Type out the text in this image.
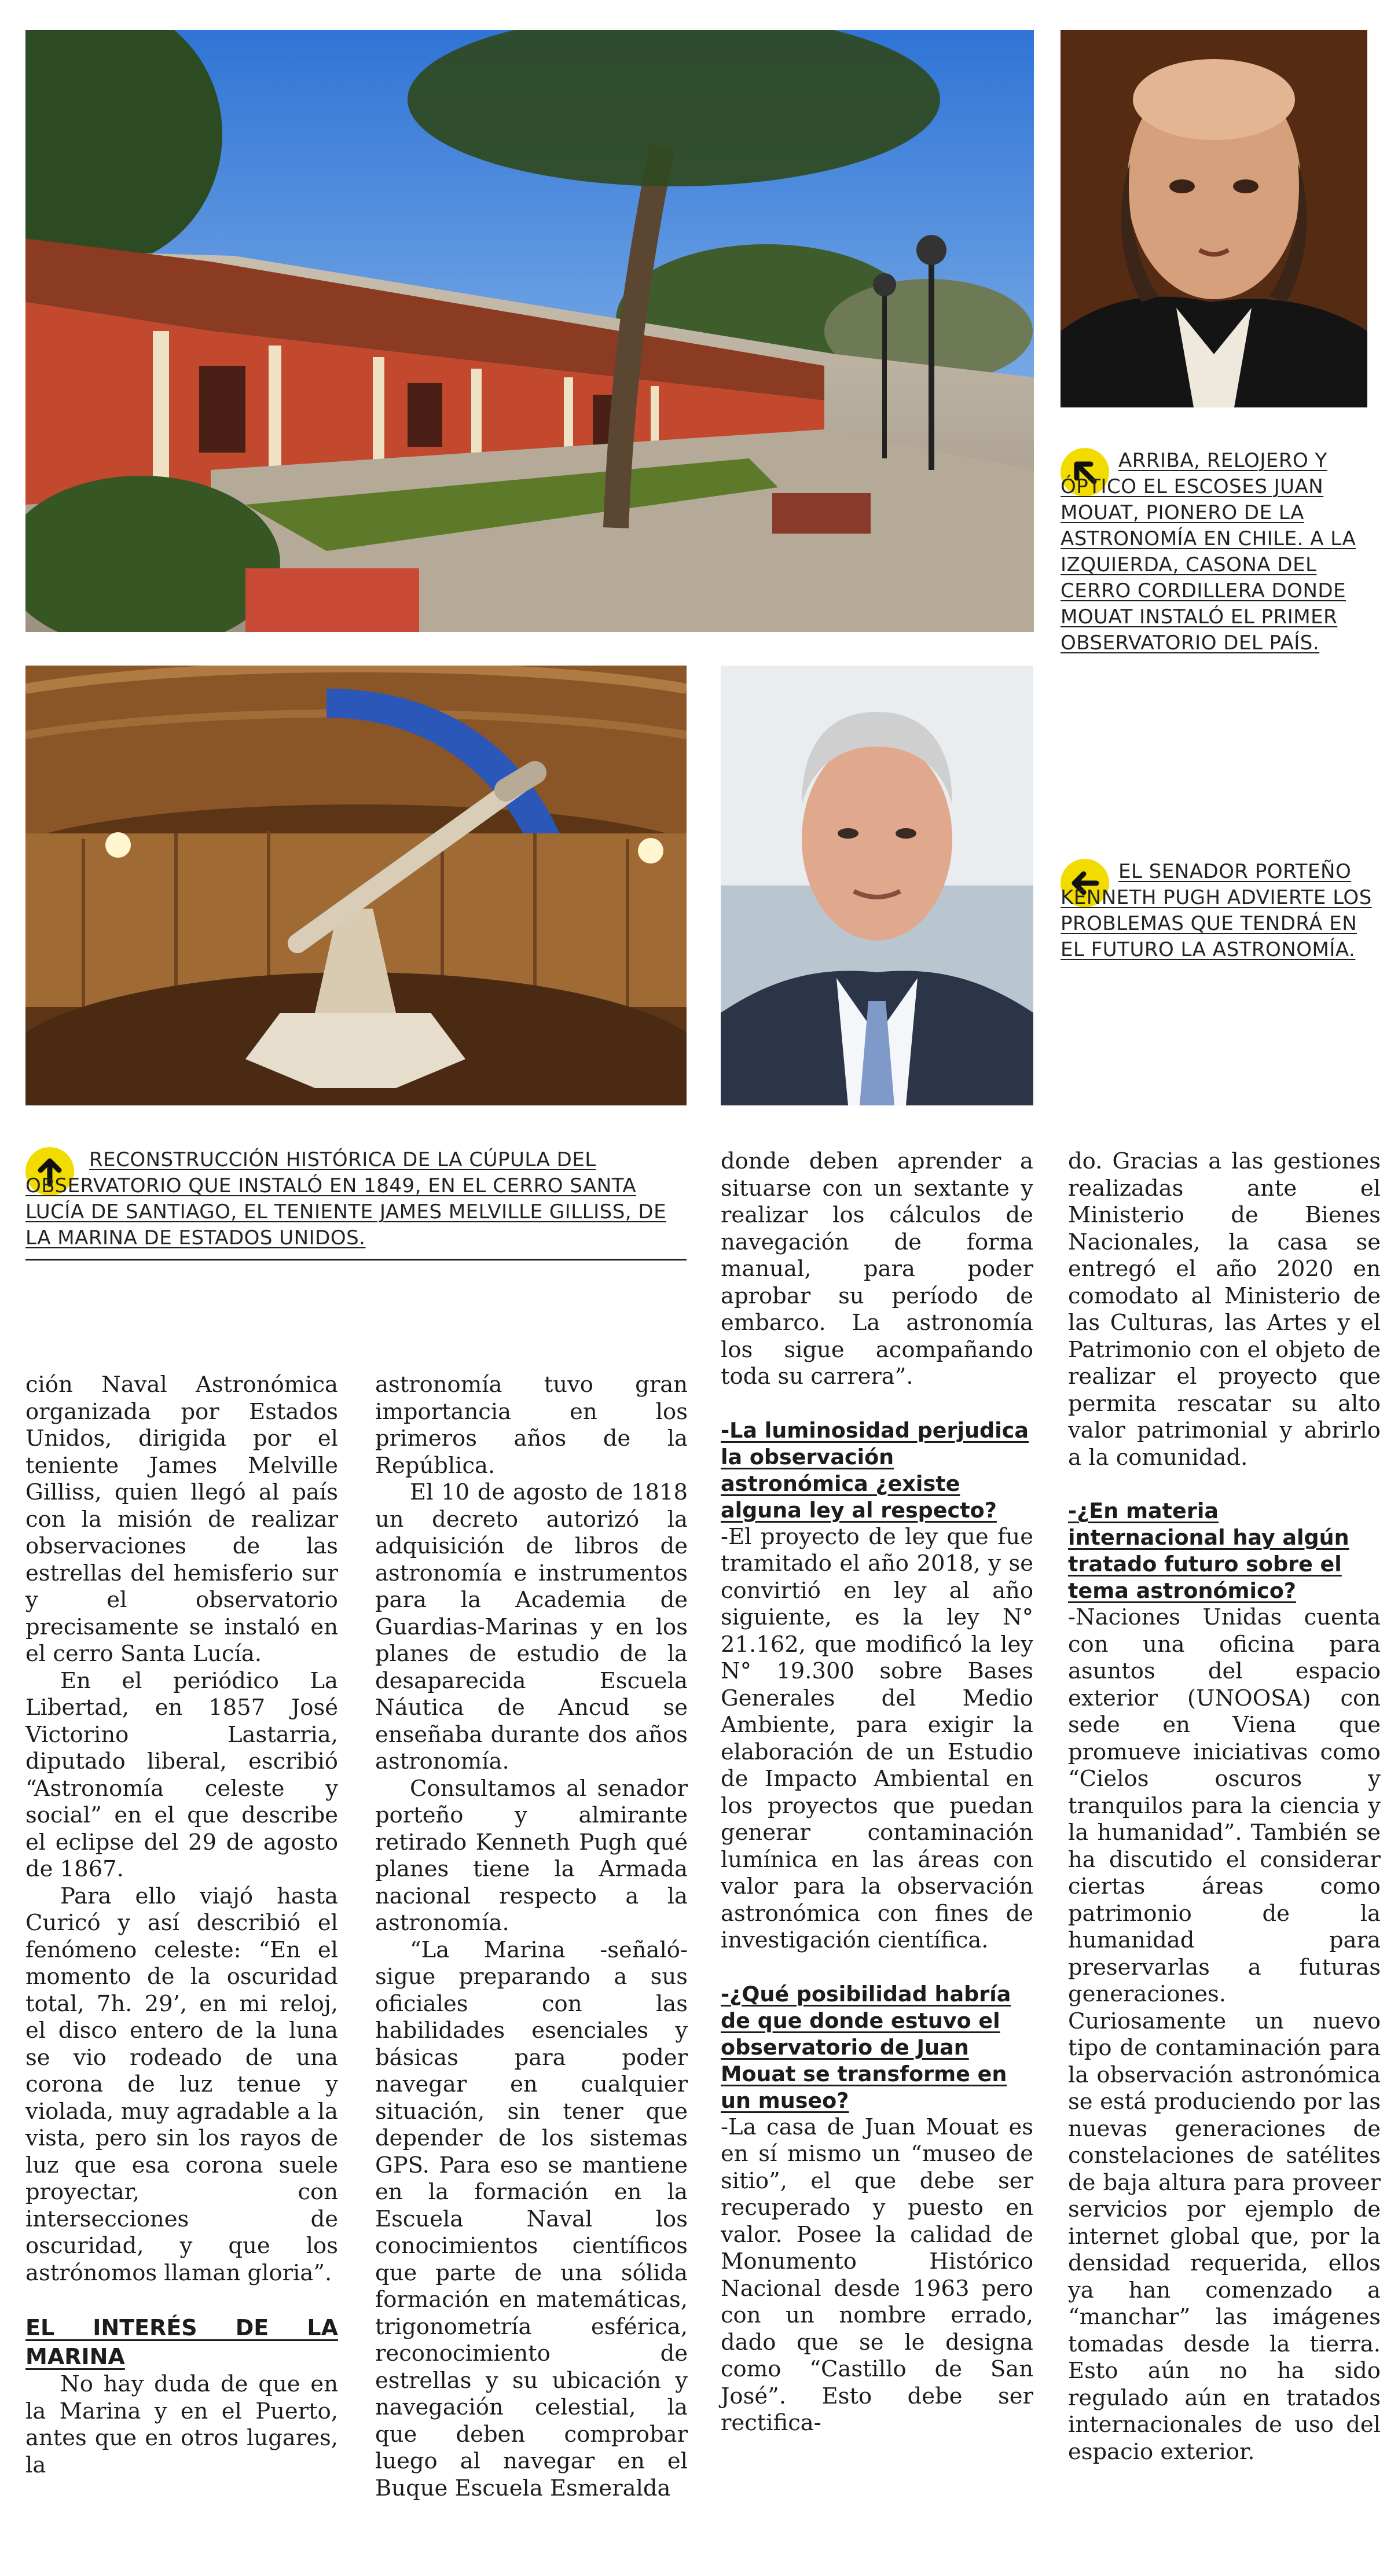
ARRIBA, RELOJERO Y ÓPTICO EL ESCOSES JUAN MOUAT, PIONERO DE LA ASTRONOMÍA EN CHILE. A LA IZQUIERDA, CASONA DEL CERRO CORDILLERA DONDE MOUAT INSTALÓ EL PRIMER OBSERVATORIO DEL PAÍS.
EL SENADOR PORTEÑO KENNETH PUGH ADVIERTE LOS PROBLEMAS QUE TENDRÁ EN EL FUTURO LA ASTRONOMÍA.
RECONSTRUCCIÓN HISTÓRICA DE LA CÚPULA DEL OBSERVATORIO QUE INSTALÓ EN 1849, EN EL CERRO SANTA LUCÍA DE SANTIAGO, EL TENIENTE JAMES MELVILLE GILLISS, DE LA MARINA DE ESTADOS UNIDOS.

ción Naval Astronómica organizada por Estados Unidos, dirigida por el teniente James Melville Gilliss, quien llegó al país con la misión de realizar observaciones de las estrellas del hemisferio sur y el observatorio precisamente se instaló en el cerro Santa Lucía.

En el periódico La Libertad, en 1857 José Victorino Lastarria, diputado liberal, escribió “Astronomía celeste y social” en el que describe el eclipse del 29 de agosto de 1867.

Para ello viajó hasta Curicó y así describió el fenómeno celeste: “En el momento de la oscuridad total, 7h. 29’, en mi reloj, el disco entero de la luna se vio rodeado de una corona de luz tenue y violada, muy agradable a la vista, pero sin los rayos de luz que esa corona suele proyectar, con intersecciones de oscuridad, y que los astrónomos llaman gloria”.

EL INTERÉS DE LA MARINA

No hay duda de que en la Marina y en el Puerto, antes que en otros lugares, la

astronomía tuvo gran importancia en los primeros años de la República.

El 10 de agosto de 1818 un decreto autorizó la adquisición de libros de astronomía e instrumentos para la Academia de Guardias-Marinas y en los planes de estudio de la desaparecida Escuela Náutica de Ancud se enseñaba durante dos años astronomía.

Consultamos al senador porteño y almirante retirado Kenneth Pugh qué planes tiene la Armada nacional respecto a la astronomía.

“La Marina -señaló- sigue preparando a sus oficiales con las habilidades esenciales y básicas para poder navegar en cualquier situación, sin tener que depender de los sistemas GPS. Para eso se mantiene en la formación en la Escuela Naval los conocimientos científicos que parte de una sólida formación en matemáticas, trigonometría esférica, reconocimiento de estrellas y su ubicación y navegación celestial, la que deben comprobar luego al navegar en el Buque Escuela Esmeralda

donde deben aprender a situarse con un sextante y realizar los cálculos de navegación de forma manual, para poder aprobar su período de embarco. La astronomía los sigue acompañando toda su carrera”.

-La luminosidad perjudica la observación astronómica ¿existe alguna ley al respecto?

-El proyecto de ley que fue tramitado el año 2018, y se convirtió en ley al año siguiente, es la ley N° 21.162, que modificó la ley N° 19.300 sobre Bases Generales del Medio Ambiente, para exigir la elaboración de un Estudio de Impacto Ambiental en los proyectos que puedan generar contaminación lumínica en las áreas con valor para la observación astronómica con fines de investigación científica.

-¿Qué posibilidad habría de que donde estuvo el observatorio de Juan Mouat se transforme en un museo?

-La casa de Juan Mouat es en sí mismo un “museo de sitio”, el que debe ser recuperado y puesto en valor. Posee la calidad de Monumento Histórico Nacional desde 1963 pero con un nombre errado, dado que se le designa como “Castillo de San José”. Esto debe ser rectifica-

do. Gracias a las gestiones realizadas ante el Ministerio de Bienes Nacionales, la casa se entregó el año 2020 en comodato al Ministerio de las Culturas, las Artes y el Patrimonio con el objeto de realizar el proyecto que permita rescatar su alto valor patrimonial y abrirlo a la comunidad.

-¿En materia internacional hay algún tratado futuro sobre el tema astronómico?

-Naciones Unidas cuenta con una oficina para asuntos del espacio exterior (UNOOSA) con sede en Viena que promueve iniciativas como “Cielos oscuros y tranquilos para la ciencia y la humanidad”. También se ha discutido el considerar ciertas áreas como patrimonio de la humanidad para preservarlas a futuras generaciones. Curiosamente un nuevo tipo de contaminación para la observación astronómica se está produciendo por las nuevas generaciones de constelaciones de satélites de baja altura para proveer servicios por ejemplo de internet global que, por la densidad requerida, ellos ya han comenzado a “manchar” las imágenes tomadas desde la tierra. Esto aún no ha sido regulado aún en tratados internacionales de uso del espacio exterior.
